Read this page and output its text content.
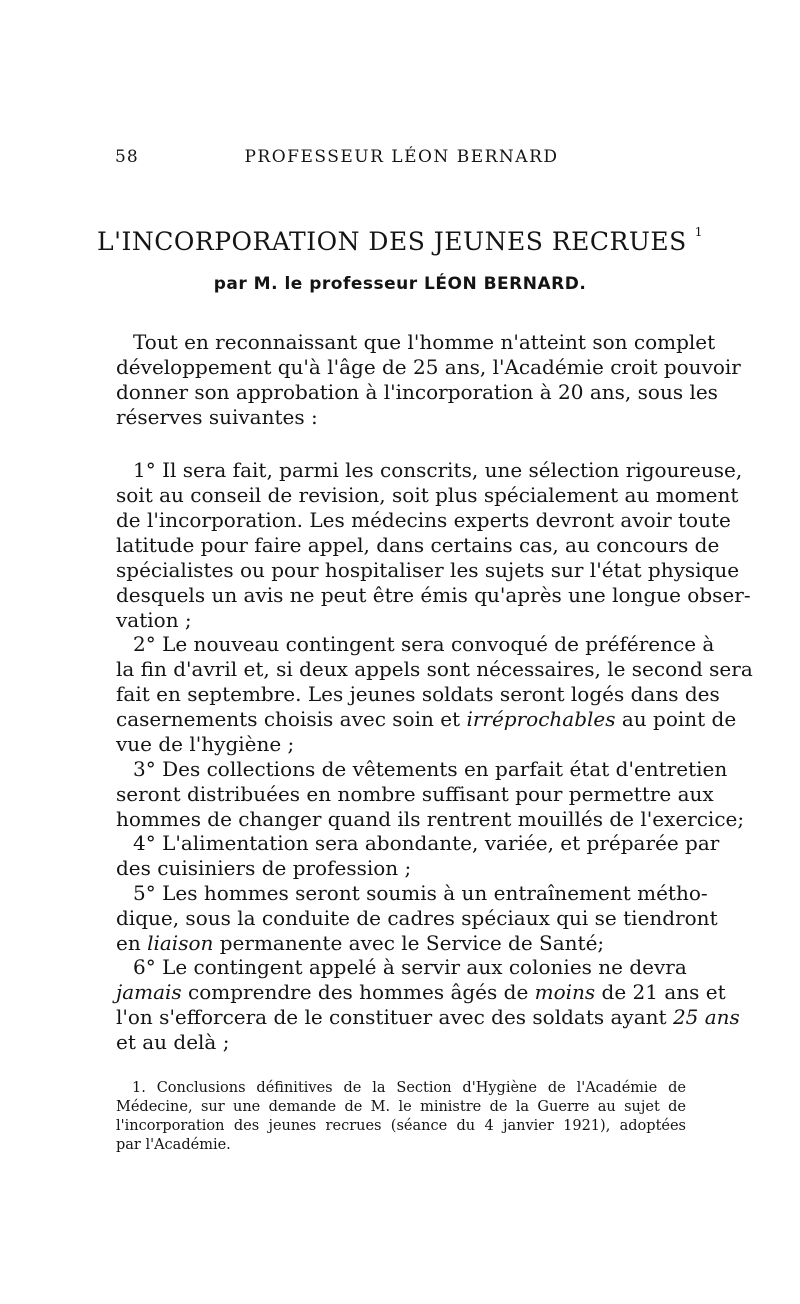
58	PROFESSEUR LÉON BERNARD
L'INCORPORATION DES JEUNES RECRUES $^1$
par M. le professeur LÉON BERNARD.

Tout en reconnaissant que l'homme n'atteint son complet
développement qu'à l'âge de 25 ans, l'Académie croit pouvoir
donner son approbation à l'incorporation à 20 ans, sous les
réserves suivantes :

1° Il sera fait, parmi les conscrits, une sélection rigoureuse,
soit au conseil de revision, soit plus spécialement au moment
de l'incorporation. Les médecins experts devront avoir toute
latitude pour faire appel, dans certains cas, au concours de
spécialistes ou pour hospitaliser les sujets sur l'état physique
desquels un avis ne peut être émis qu'après une longue obser-
vation ;

2° Le nouveau contingent sera convoqué de préférence à
la fin d'avril et, si deux appels sont nécessaires, le second sera
fait en septembre. Les jeunes soldats seront logés dans des
casernements choisis avec soin et irréprochables au point de
vue de l'hygiène ;

3° Des collections de vêtements en parfait état d'entretien
seront distribuées en nombre suffisant pour permettre aux
hommes de changer quand ils rentrent mouillés de l'exercice;

4° L'alimentation sera abondante, variée, et préparée par
des cuisiniers de profession ;

5° Les hommes seront soumis à un entraînement métho-
dique, sous la conduite de cadres spéciaux qui se tiendront
en liaison permanente avec le Service de Santé;

6° Le contingent appelé à servir aux colonies ne devra
jamais comprendre des hommes âgés de moins de 21 ans et
l'on s'efforcera de le constituer avec des soldats ayant 25 ans
et au delà ;

1. Conclusions définitives de la Section d'Hygiène de l'Académie de
Médecine, sur une demande de M. le ministre de la Guerre au sujet de
l'incorporation des jeunes recrues (séance du 4 janvier 1921), adoptées
par l'Académie.
